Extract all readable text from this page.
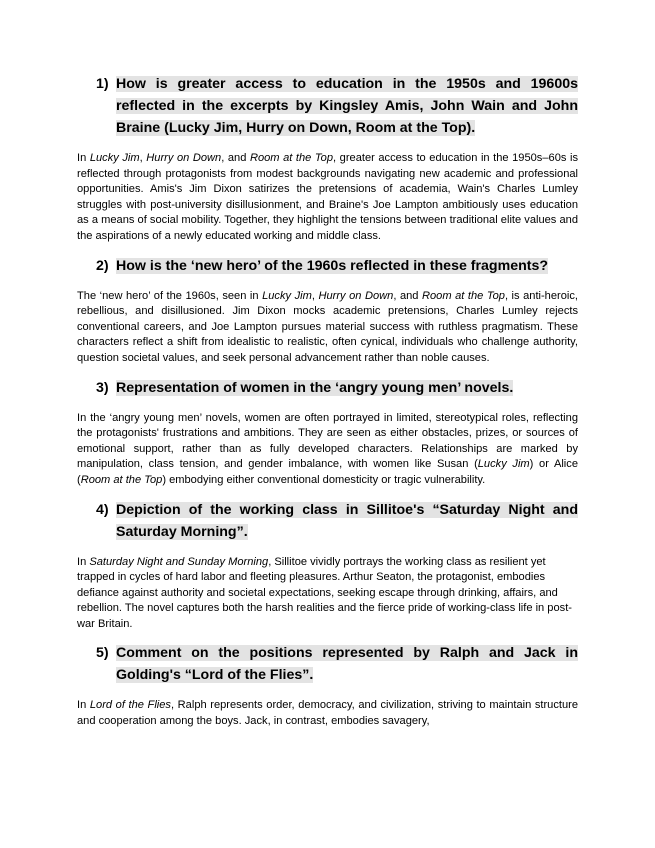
1) How is greater access to education in the 1950s and 19600s reflected in the excerpts by Kingsley Amis, John Wain and John Braine (Lucky Jim, Hurry on Down, Room at the Top).

In Lucky Jim, Hurry on Down, and Room at the Top, greater access to education in the 1950s–60s is reflected through protagonists from modest backgrounds navigating new academic and professional opportunities. Amis's Jim Dixon satirizes the pretensions of academia, Wain's Charles Lumley struggles with post-university disillusionment, and Braine's Joe Lampton ambitiously uses education as a means of social mobility. Together, they highlight the tensions between traditional elite values and the aspirations of a newly educated working and middle class.

2) How is the ‘new hero’ of the 1960s reflected in these fragments?

The ‘new hero’ of the 1960s, seen in Lucky Jim, Hurry on Down, and Room at the Top, is anti-heroic, rebellious, and disillusioned. Jim Dixon mocks academic pretensions, Charles Lumley rejects conventional careers, and Joe Lampton pursues material success with ruthless pragmatism. These characters reflect a shift from idealistic to realistic, often cynical, individuals who challenge authority, question societal values, and seek personal advancement rather than noble causes.

3) Representation of women in the ‘angry young men’ novels.

In the ‘angry young men’ novels, women are often portrayed in limited, stereotypical roles, reflecting the protagonists' frustrations and ambitions. They are seen as either obstacles, prizes, or sources of emotional support, rather than as fully developed characters. Relationships are marked by manipulation, class tension, and gender imbalance, with women like Susan (Lucky Jim) or Alice (Room at the Top) embodying either conventional domesticity or tragic vulnerability.

4) Depiction of the working class in Sillitoe's “Saturday Night and Saturday Morning”.

In Saturday Night and Sunday Morning, Sillitoe vividly portrays the working class as resilient yet trapped in cycles of hard labor and fleeting pleasures. Arthur Seaton, the protagonist, embodies defiance against authority and societal expectations, seeking escape through drinking, affairs, and rebellion. The novel captures both the harsh realities and the fierce pride of working-class life in post-war Britain.

5) Comment on the positions represented by Ralph and Jack in Golding's “Lord of the Flies”.

In Lord of the Flies, Ralph represents order, democracy, and civilization, striving to maintain structure and cooperation among the boys. Jack, in contrast, embodies savagery,
